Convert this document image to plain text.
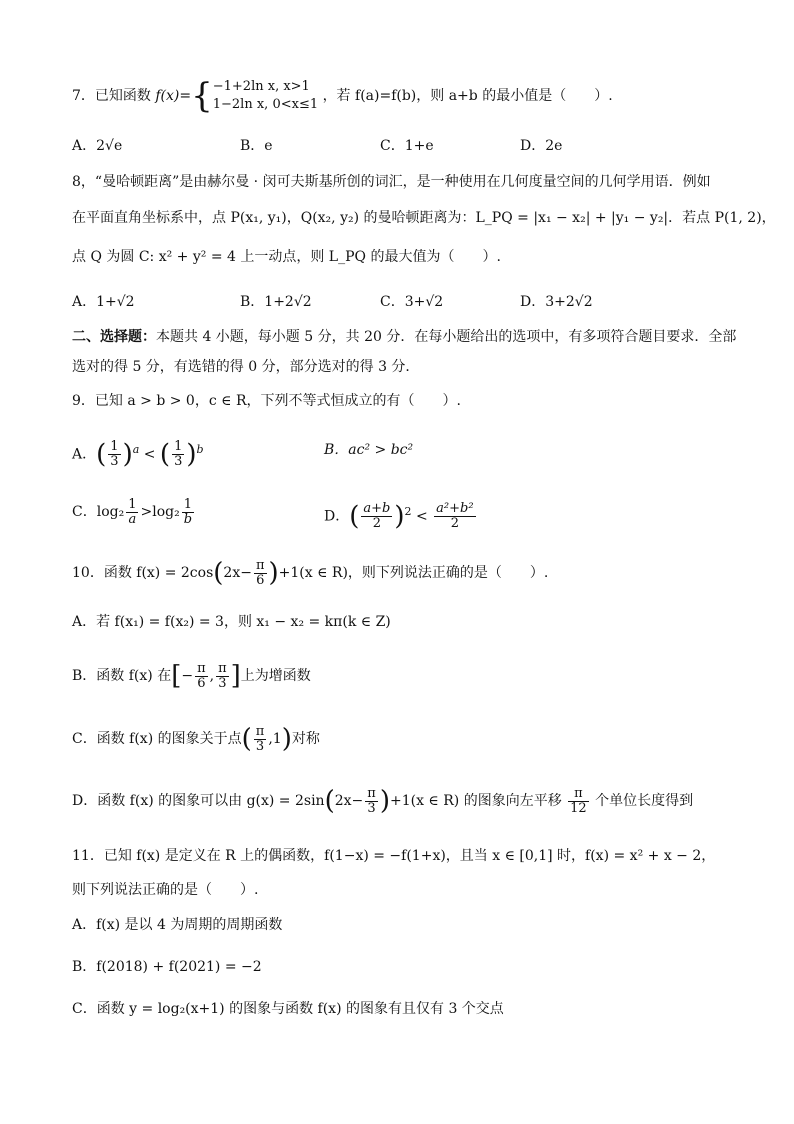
7．已知函数 f(x)={ −1+2ln x, x>1
1−2ln x, 0<x≤1
，若 f(a)=f(b)，则 a+b 的最小值是（　　）.
A．2√e	B．e	C．1+e	D．2e
8，“曼哈顿距离”是由赫尔曼 · 闵可夫斯基所创的词汇，是一种使用在几何度量空间的几何学用语．例如
在平面直角坐标系中，点 P(x₁, y₁)，Q(x₂, y₂) 的曼哈顿距离为：L_PQ = |x₁ − x₂| + |y₁ − y₂|．若点 P(1, 2)，
点 Q 为圆 C: x² + y² = 4 上一动点，则 L_PQ 的最大值为（　　）.
A．1+√2	B．1+2√2	C．3+√2	D．3+2√2
二、选择题：本题共 4 小题，每小题 5 分，共 20 分．在每小题给出的选项中，有多项符合题目要求．全部
选对的得 5 分，有选错的得 0 分，部分选对的得 3 分．
9．已知 a > b > 0，c ∈ R，下列不等式恒成立的有（　　）.
A．( $\frac{1}{3} )^a$ < ( $\frac{1}{3} )^b$	B．ac² > bc²
C．$\log_2 \frac{1}{a} >\log_2 \frac{1}{b}$	D．( $\frac{a+b}{2} )^2 < \frac{\text{a²+b²}}{2}$
10．函数 $f(x) = 2\cos(2x- \frac{\pi}{6} )+1(x$ ∈ R)，则下列说法正确的是（　　）.
A．若 f(x₁) = f(x₂) = 3，则 x₁ − x₂ = kπ(k ∈ Z)
B．函数 f(x) 在[− $\frac{\pi}{6}$ , $\frac{\pi}{3}$ ]上为增函数
C．函数 f(x) 的图象关于点( $\frac{\pi}{3} ,1$)对称
D．函数 f(x) 的图象可以由 $g(x) = 2\sin(2x- \frac{\pi}{3} )+1(x$ ∈ R) 的图象向左平移 $\frac{\pi}{12}$ 个单位长度得到
11．已知 f(x) 是定义在 R 上的偶函数，f(1−x) = −f(1+x)，且当 x ∈ [0,1] 时，f(x) = x² + x − 2，
则下列说法正确的是（　　）.
A．f(x) 是以 4 为周期的周期函数
B．f(2018) + f(2021) = −2
C．函数 y = log₂(x+1) 的图象与函数 f(x) 的图象有且仅有 3 个交点
